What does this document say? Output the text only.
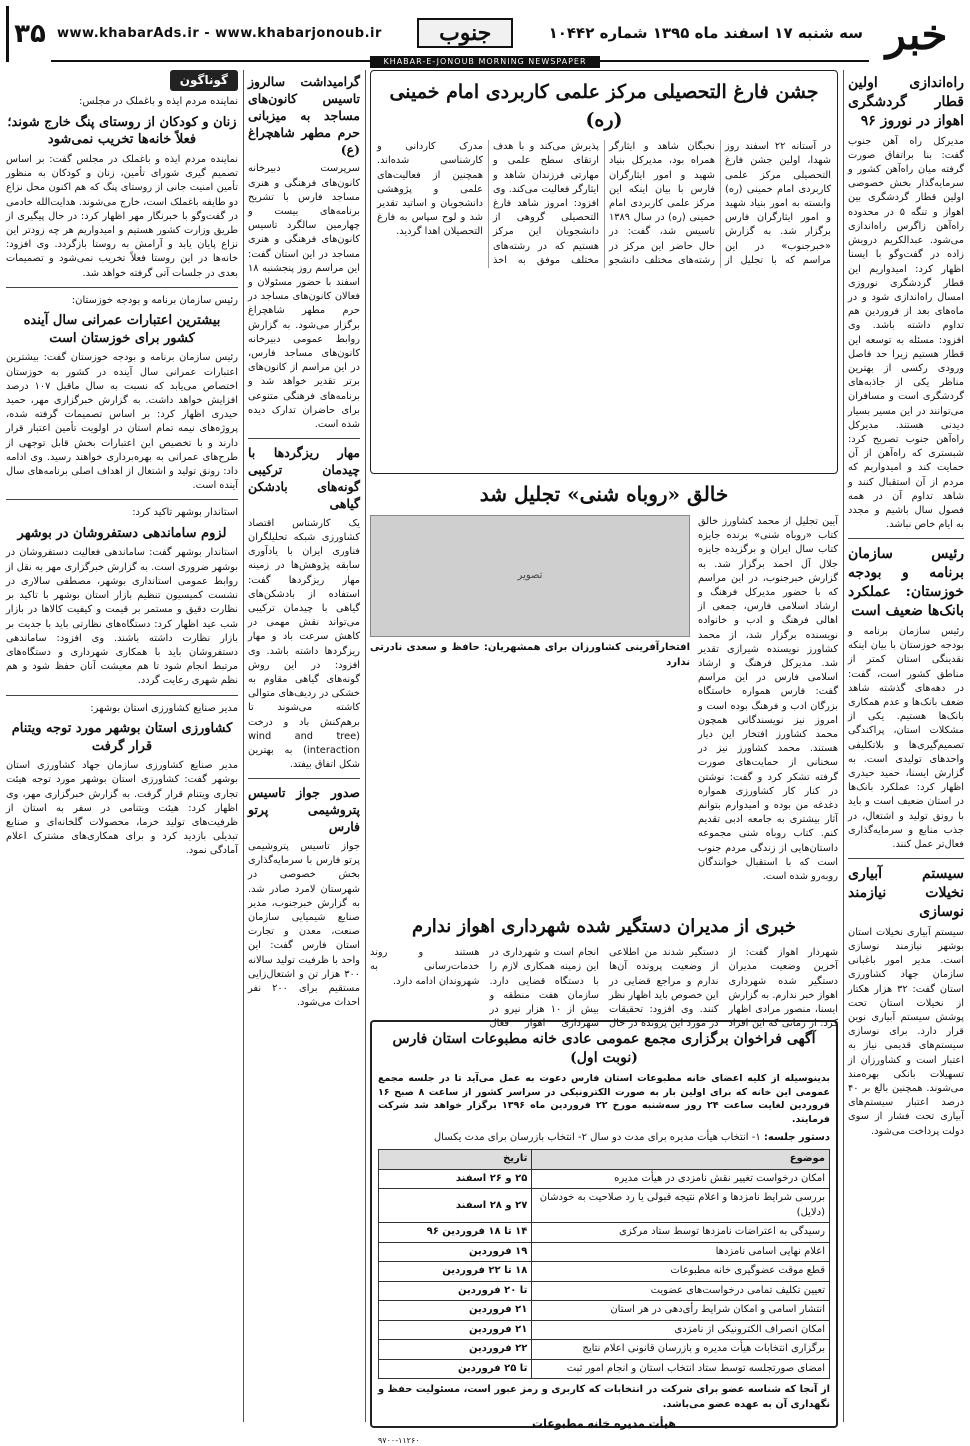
خبر
سه شنبه ۱۷ اسفند ماه ۱۳۹۵ شماره ۱۰۴۴۲
جنوب
www.khabarAds.ir - www.khabarjonoub.ir
۳۵
KHABAR-E-JONOUB MORNING NEWSPAPER
راه‌اندازی اولین قطار گردشگری اهواز در نوروز ۹۶

مدیرکل راه آهن جنوب گفت: بنا براتفاق صورت گرفته میان راه‌آهن کشور و سرمایه‌گذار بخش خصوصی اولین قطار گردشگری بین اهواز و تنگه ۵ در محدوده راه‌آهن زاگرس راه‌اندازی می‌شود. عبدالکریم درویش زاده در گفت‌وگو با ایسنا اظهار کرد: امیدواریم این قطار گردشگری نوروزی امسال راه‌اندازی شود و در ماه‌های بعد از فروردین هم تداوم داشته باشد. وی افزود: مسئله به توسعه این قطار هستیم زیرا حد فاصل ورودی رکسی از بهترین مناظر یکی از جاذبه‌های گردشگری است و مسافران می‌توانند در این مسیر بسیار دیدنی هستند. مدیرکل راه‌آهن جنوب تصریح کرد: شبستری که راه‌آهن از آن حمایت کند و امیدواریم که مردم از آن استقبال کنند و شاهد تداوم آن در همه فصول سال باشیم و مجدد به ایام خاص نباشد.

رئیس سازمان برنامه و بودجه خوزستان: عملکرد بانک‌ها ضعیف است

رئیس سازمان برنامه و بودجه خوزستان با بیان اینکه نقدینگی استان کمتر از مناطق کشور است، گفت: در دهه‌های گذشته شاهد ضعف بانک‌ها و عدم همکاری بانک‌ها هستیم. یکی از مشکلات استان، پراکندگی تصمیم‌گیری‌ها و بلاتکلیفی واحدهای تولیدی است. به گزارش ایسنا، حمید حیدری اظهار کرد: عملکرد بانک‌ها در استان ضعیف است و باید با رونق تولید و اشتغال، در جذب منابع و سرمایه‌گذاری فعال‌تر عمل کنند.

سیستم آبیاری نخیلات نیازمند نوسازی

سیستم آبیاری نخیلات استان بوشهر نیازمند نوسازی است. مدیر امور باغبانی سازمان جهاد کشاورزی استان گفت: ۳۲ هزار هکتار از نخیلات استان تحت پوشش سیستم آبیاری نوین قرار دارد. برای نوسازی سیستم‌های قدیمی نیاز به اعتبار است و کشاورزان از تسهیلات بانکی بهره‌مند می‌شوند. همچنین بالغ بر ۴۰ درصد اعتبار سیستم‌های آبیاری تحت فشار از سوی دولت پرداخت می‌شود.

جشن فارغ التحصیلی مرکز علمی کاربردی امام خمینی (ره)

در آستانه ۲۲ اسفند روز شهدا، اولین جشن فارغ التحصیلی مرکز علمی کاربردی امام خمینی (ره) وابسته به امور بنیاد شهید و امور ایثارگران فارس برگزار شد. به گزارش «خبرجنوب» در این مراسم که با تجلیل از نخبگان شاهد و ایثارگر همراه بود، مدیرکل بنیاد شهید و امور ایثارگران فارس با بیان اینکه این مرکز علمی کاربردی امام خمینی (ره) در سال ۱۳۸۹ تاسیس شد، گفت: در حال حاضر این مرکز در رشته‌های مختلف دانشجو پذیرش می‌کند و با هدف ارتقای سطح علمی و مهارتی فرزندان شاهد و ایثارگر فعالیت می‌کند. وی افزود: امروز شاهد فارغ التحصیلی گروهی از دانشجویان این مرکز هستیم که در رشته‌های مختلف موفق به اخذ مدرک کاردانی و کارشناسی شده‌اند. همچنین از فعالیت‌های علمی و پژوهشی دانشجویان و اساتید تقدیر شد و لوح سپاس به فارغ التحصیلان اهدا گردید.

خالق «روباه شنی» تجلیل شد

آیین تجلیل از محمد کشاورز خالق کتاب «روباه شنی» برنده جایزه کتاب سال ایران و برگزیده جایزه جلال آل احمد برگزار شد. به گزارش خبرجنوب، در این مراسم که با حضور مدیرکل فرهنگ و ارشاد اسلامی فارس، جمعی از اهالی فرهنگ و ادب و خانواده نویسنده برگزار شد، از محمد کشاورز نویسنده شیرازی تقدیر شد. مدیرکل فرهنگ و ارشاد اسلامی فارس در این مراسم گفت: فارس همواره خاستگاه بزرگان ادب و فرهنگ بوده است و امروز نیز نویسندگانی همچون محمد کشاورز افتخار این دیار هستند. محمد کشاورز نیز در سخنانی از حمایت‌های صورت گرفته تشکر کرد و گفت: نوشتن در کنار کار کشاورزی همواره دغدغه من بوده و امیدوارم بتوانم آثار بیشتری به جامعه ادبی تقدیم کنم. کتاب روباه شنی مجموعه داستان‌هایی از زندگی مردم جنوب است که با استقبال خوانندگان روبه‌رو شده است.

تصویر
افتخارآفرینی کشاورزان برای همشهریان: حافظ و سعدی نادرتی ندارد
خبری از مدیران دستگیر شده شهرداری اهواز ندارم

شهردار اهواز گفت: از آخرین وضعیت مدیران دستگیر شده شهرداری اهواز خبر ندارم. به گزارش ایسنا، منصور مرادی اظهار کرد: از زمانی که این افراد دستگیر شدند من اطلاعی از وضعیت پرونده آن‌ها ندارم و مراجع قضایی در این خصوص باید اظهار نظر کنند. وی افزود: تحقیقات در مورد این پرونده در حال انجام است و شهرداری در این زمینه همکاری لازم را با دستگاه قضایی دارد. سازمان هفت منطقه و بیش از ۱۰ هزار نیرو در شهرداری اهواز فعال هستند و روند خدمات‌رسانی به شهروندان ادامه دارد.

آگهی فراخوان برگزاری مجمع عمومی عادی خانه مطبوعات استان فارس (نوبت اول)

بدینوسیله از کلیه اعضای خانه مطبوعات استان فارس دعوت به عمل می‌آید تا در جلسه مجمع عمومی این خانه که برای اولین بار به صورت الکترونیکی در سراسر کشور از ساعت ۸ صبح ۱۶ فروردین لغایت ساعت ۲۴ روز سه‌شنبه مورخ ۲۲ فروردین ماه ۱۳۹۶ برگزار خواهد شد شرکت فرمایند.

دستور جلسه: ۱- انتخاب هیأت مدیره برای مدت دو سال ۲- انتخاب بازرسان برای مدت یکسال

موضوع	تاریخ
امکان درخواست تغییر نقش نامزدی در هیأت مدیره	۲۵ و ۲۶ اسفند
بررسی شرایط نامزدها و اعلام نتیجه قبولی یا رد صلاحیت به خودشان (دلایل)	۲۷ و ۲۸ اسفند
رسیدگی به اعتراضات نامزدها توسط ستاد مرکزی	۱۴ تا ۱۸ فروردین ۹۶
اعلام نهایی اسامی نامزدها	۱۹ فروردین
قطع موقت عضوگیری خانه مطبوعات	۱۸ تا ۲۲ فروردین
تعیین تکلیف تمامی درخواست‌های عضویت	تا ۲۰ فروردین
انتشار اسامی و امکان شرایط رأی‌دهی در هر استان	۲۱ فروردین
امکان انصراف الکترونیکی از نامزدی	۲۱ فروردین
برگزاری انتخابات هیأت مدیره و بازرسان قانونی اعلام نتایج	۲۲ فروردین
امضای صورتجلسه توسط ستاد انتخاب استان و انجام امور ثبت	تا ۲۵ فروردین

از آنجا که شناسه عضو برای شرکت در انتخابات که کاربری و رمز عبور است، مسئولیت حفظ و نگهداری آن به عهده عضو می‌باشد.

هیأت مدیره خانه مطبوعات
۹۷۰۰-۱۱۲۶۰
گرامیداشت سالروز تاسیس کانون‌های مساجد به میزبانی حرم مطهر شاهچراغ (ع)

سرپرست دبیرخانه کانون‌های فرهنگی و هنری مساجد فارس با تشریح برنامه‌های بیست و چهارمین سالگرد تاسیس کانون‌های فرهنگی و هنری مساجد در این استان گفت: این مراسم روز پنجشنبه ۱۸ اسفند با حضور مسئولان و فعالان کانون‌های مساجد در حرم مطهر شاهچراغ برگزار می‌شود. به گزارش روابط عمومی دبیرخانه کانون‌های مساجد فارس، در این مراسم از کانون‌های برتر تقدیر خواهد شد و برنامه‌های فرهنگی متنوعی برای حاضران تدارک دیده شده است.

مهار ریزگردها با چیدمان ترکیبی گونه‌های بادشکن گیاهی

یک کارشناس اقتصاد کشاورزی شبکه تحلیلگران فناوری ایران با یادآوری سابقه پژوهش‌ها در زمینه مهار ریزگردها گفت: استفاده از بادشکن‌های گیاهی با چیدمان ترکیبی می‌تواند نقش مهمی در کاهش سرعت باد و مهار ریزگردها داشته باشد. وی افزود: در این روش گونه‌های گیاهی مقاوم به خشکی در ردیف‌های متوالی کاشته می‌شوند تا برهم‌کنش باد و درخت (wind and tree interaction) به بهترین شکل اتفاق بیفتد.

صدور جواز تاسیس پتروشیمی پرتو فارس

جواز تاسیس پتروشیمی پرتو فارس با سرمایه‌گذاری بخش خصوصی در شهرستان لامرد صادر شد. به گزارش خبرجنوب، مدیر صنایع شیمیایی سازمان صنعت، معدن و تجارت استان فارس گفت: این واحد با ظرفیت تولید سالانه ۳۰۰ هزار تن و اشتغال‌زایی مستقیم برای ۲۰۰ نفر احداث می‌شود.

گوناگون
نماینده مردم ایذه و باغملک در مجلس:
زنان و کودکان از روستای پنگ خارج شوند؛ فعلاً خانه‌ها تخریب نمی‌شود

نماینده مردم ایذه و باغملک در مجلس گفت: بر اساس تصمیم گیری شورای تأمین، زنان و کودکان به منظور تأمین امنیت جانی از روستای پنگ که هم اکنون محل نزاع دو طایفه باغملک است، خارج می‌شوند. هدایت‌الله خادمی در گفت‌وگو با خبرنگار مهر اظهار کرد: در حال پیگیری از طریق وزارت کشور هستیم و امیدواریم هر چه زودتر این نزاع پایان یابد و آرامش به روستا بازگردد. وی افزود: خانه‌ها در این روستا فعلاً تخریب نمی‌شود و تصمیمات بعدی در جلسات آتی گرفته خواهد شد.

رئیس سازمان برنامه و بودجه خوزستان:
بیشترین اعتبارات عمرانی سال آینده کشور برای خوزستان است

رئیس سازمان برنامه و بودجه خوزستان گفت: بیشترین اعتبارات عمرانی سال آینده در کشور به خوزستان اختصاص می‌یابد که نسبت به سال ماقبل ۱۰۷ درصد افزایش خواهد داشت. به گزارش خبرگزاری مهر، حمید حیدری اظهار کرد: بر اساس تصمیمات گرفته شده، پروژه‌های نیمه تمام استان در اولویت تأمین اعتبار قرار دارند و با تخصیص این اعتبارات بخش قابل توجهی از طرح‌های عمرانی به بهره‌برداری خواهند رسید. وی ادامه داد: رونق تولید و اشتغال از اهداف اصلی برنامه‌های سال آینده است.

استاندار بوشهر تاکید کرد:
لزوم ساماندهی دستفروشان در بوشهر

استاندار بوشهر گفت: ساماندهی فعالیت دستفروشان در بوشهر ضروری است. به گزارش خبرگزاری مهر به نقل از روابط عمومی استانداری بوشهر، مصطفی سالاری در نشست کمیسیون تنظیم بازار استان بوشهر با تاکید بر نظارت دقیق و مستمر بر قیمت و کیفیت کالاها در بازار شب عید اظهار کرد: دستگاه‌های نظارتی باید با جدیت بر بازار نظارت داشته باشند. وی افزود: ساماندهی دستفروشان باید با همکاری شهرداری و دستگاه‌های مرتبط انجام شود تا هم معیشت آنان حفظ شود و هم نظم شهری رعایت گردد.

مدیر صنایع کشاورزی استان بوشهر:
کشاورزی استان بوشهر مورد توجه ویتنام قرار گرفت

مدیر صنایع کشاورزی سازمان جهاد کشاورزی استان بوشهر گفت: کشاورزی استان بوشهر مورد توجه هیئت تجاری ویتنام قرار گرفت. به گزارش خبرگزاری مهر، وی اظهار کرد: هیئت ویتنامی در سفر به استان از ظرفیت‌های تولید خرما، محصولات گلخانه‌ای و صنایع تبدیلی بازدید کرد و برای همکاری‌های مشترک اعلام آمادگی نمود.
